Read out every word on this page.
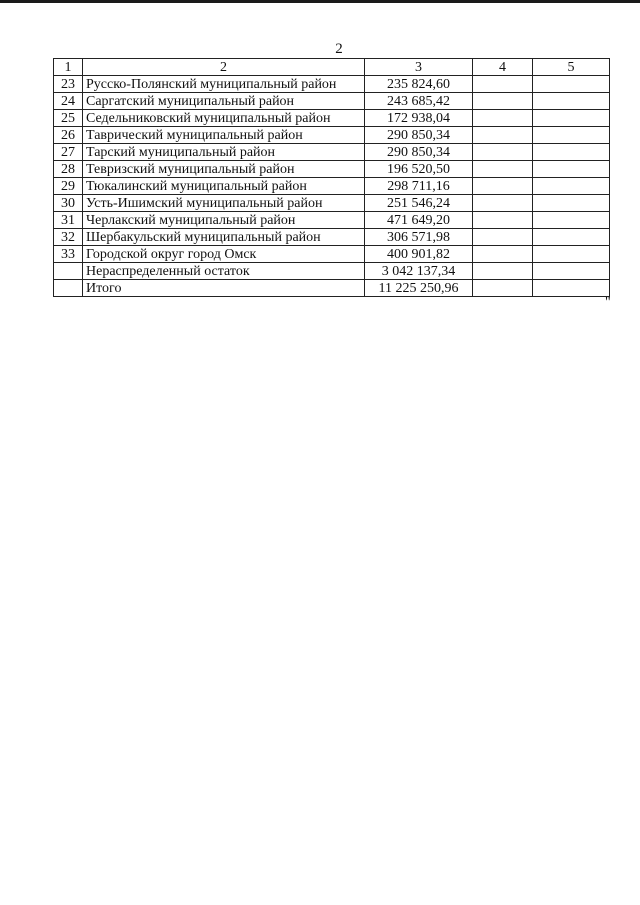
2
1	2	3	4	5
23	Русско-Полянский муниципальный район	235 824,60		
24	Саргатский муниципальный район	243 685,42		
25	Седельниковский муниципальный район	172 938,04		
26	Таврический муниципальный район	290 850,34		
27	Тарский муниципальный район	290 850,34		
28	Тевризский муниципальный район	196 520,50		
29	Тюкалинский муниципальный район	298 711,16		
30	Усть-Ишимский муниципальный район	251 546,24		
31	Черлакский муниципальный район	471 649,20		
32	Шербакульский муниципальный район	306 571,98		
33	Городской округ город Омск	400 901,82		
	Нераспределенный остаток	3 042 137,34		
	Итого	11 225 250,96		
"
